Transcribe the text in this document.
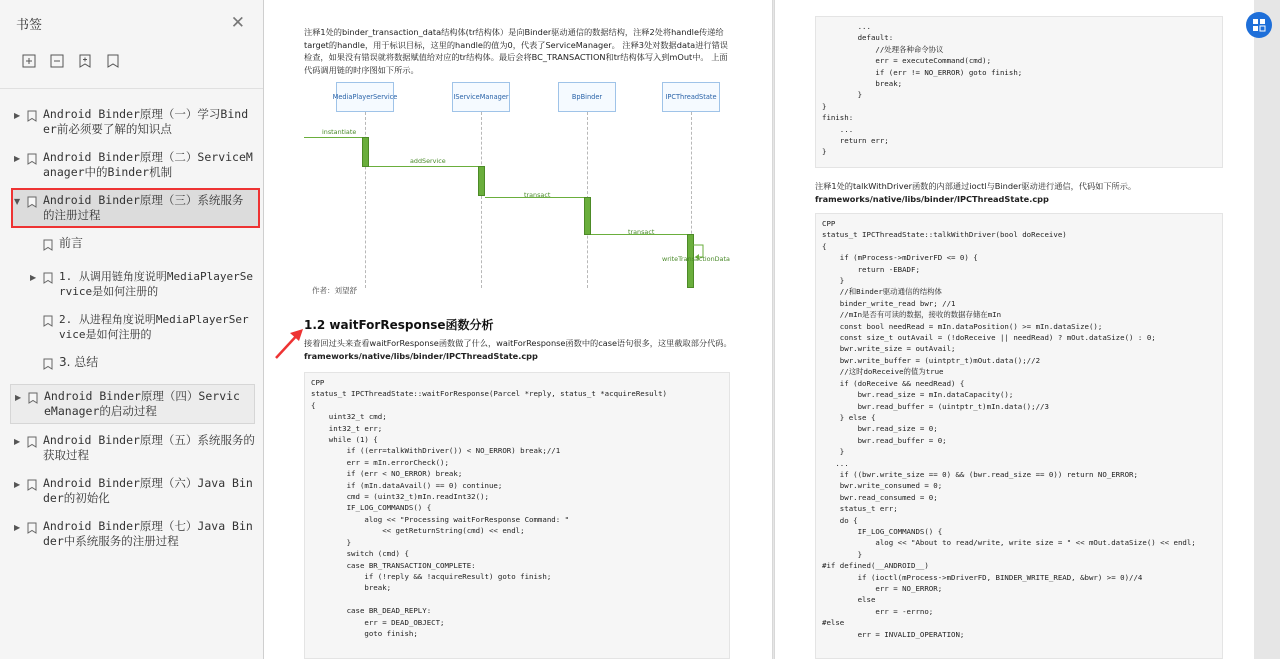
书签	✕
▶	Android Binder原理（一）学习Binder前必须要了解的知识点
▶	Android Binder原理（二）ServiceManager中的Binder机制
▼	Android Binder原理（三）系统服务的注册过程
前言
▶	1. 从调用链角度说明MediaPlayerService是如何注册的
2. 从进程角度说明MediaPlayerService是如何注册的
3. 总结
▶	Android Binder原理（四）ServiceManager的启动过程
▶	Android Binder原理（五）系统服务的获取过程
▶	Android Binder原理（六）Java Binder的初始化
▶	Android Binder原理（七）Java Binder中系统服务的注册过程
注释1处的binder_transaction_data结构体(tr结构体）是向Binder驱动通信的数据结构，注释2处将handle传递给target的handle，用于标识目标，这里的handle的值为0，代表了ServiceManager。 注释3处对数据data进行错误检查，如果没有错误就将数据赋值给对应的tr结构体。最后会将BC_TRANSACTION和tr结构体写入到mOut中。 上面代码调用链的时序图如下所示。
MediaPlayerService	IServiceManager	BpBinder	IPCThreadState
instantiate
addService
transact
transact
writeTransactionData
作者：刘望舒
1.2 waitForResponse函数分析
接着回过头来查看waitForResponse函数做了什么，waitForResponse函数中的case语句很多，这里截取部分代码。
frameworks/native/libs/binder/IPCThreadState.cpp
CPP
status_t IPCThreadState::waitForResponse(Parcel *reply, status_t *acquireResult)
{
uint32_t cmd;
int32_t err;
while (1) {
if ((err=talkWithDriver()) < NO_ERROR) break;//1
err = mIn.errorCheck();
if (err < NO_ERROR) break;
if (mIn.dataAvail() == 0) continue;
cmd = (uint32_t)mIn.readInt32();
IF_LOG_COMMANDS() {
alog << "Processing waitForResponse Command: "
<< getReturnString(cmd) << endl;
}
switch (cmd) {
case BR_TRANSACTION_COMPLETE:
if (!reply && !acquireResult) goto finish;
break;

case BR_DEAD_REPLY:
err = DEAD_OBJECT;
goto finish;
...
default:
//处理各种命令协议
err = executeCommand(cmd);
if (err != NO_ERROR) goto finish;
break;
}
}
finish:
...
return err;
}
注释1处的talkWithDriver函数的内部通过ioctl与Binder驱动进行通信，代码如下所示。
frameworks/native/libs/binder/IPCThreadState.cpp
CPP
status_t IPCThreadState::talkWithDriver(bool doReceive)
{
if (mProcess->mDriverFD <= 0) {
return -EBADF;
}
//和Binder驱动通信的结构体
binder_write_read bwr; //1
//mIn是否有可读的数据，接收的数据存储在mIn
const bool needRead = mIn.dataPosition() >= mIn.dataSize();
const size_t outAvail = (!doReceive || needRead) ? mOut.dataSize() : 0;
bwr.write_size = outAvail;
bwr.write_buffer = (uintptr_t)mOut.data();//2
//这时doReceive的值为true
if (doReceive && needRead) {
bwr.read_size = mIn.dataCapacity();
bwr.read_buffer = (uintptr_t)mIn.data();//3
} else {
bwr.read_size = 0;
bwr.read_buffer = 0;
}
...
if ((bwr.write_size == 0) && (bwr.read_size == 0)) return NO_ERROR;
bwr.write_consumed = 0;
bwr.read_consumed = 0;
status_t err;
do {
IF_LOG_COMMANDS() {
alog << "About to read/write, write size = " << mOut.dataSize() << endl;
}
#if defined(__ANDROID__)
if (ioctl(mProcess->mDriverFD, BINDER_WRITE_READ, &bwr) >= 0)//4
err = NO_ERROR;
else
err = -errno;
#else
err = INVALID_OPERATION;
